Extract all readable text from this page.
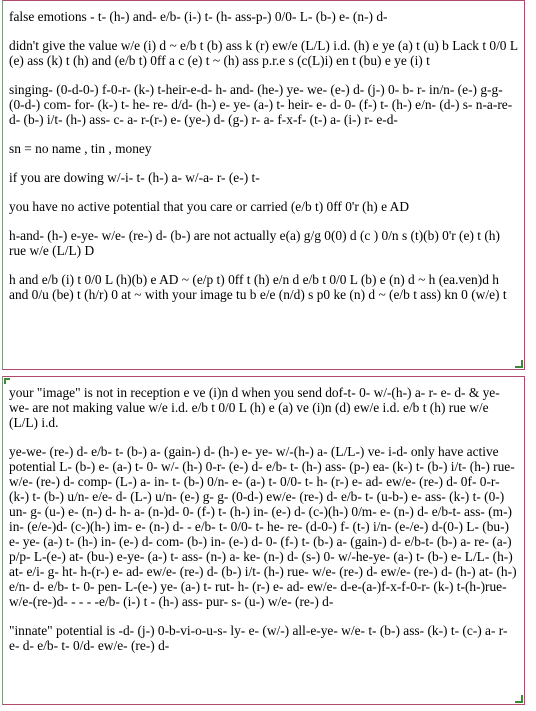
false emotions - t- (h-) and- e/b- (i-) t- (h- ass-p-) 0/0- L- (b-) e- (n-) d-

didn't give the value w/e (i) d ~ e/b t (b) ass k (r) ew/e (L/L) i.d. (h) e ye (a) t (u) b Lack t 0/0 L (e) ass (k) t (h) and (e/b t) 0ff a c (e) t ~ (h) ass p.r.e s (c(L)i) en t (bu) e ye (i) t

singing- (0-d-0-) f-0-r- (k-) t-heir-e-d- h- and- (he-) ye- we- (e-) d- (j-) 0- b- r- in/n- (e-) g-g- (0-d-) com- for- (k-) t- he- re- d/d- (h-) e- ye- (a-) t- heir- e- d- 0- (f-) t- (h-) e/n- (d-) s- n-a-re-d- (b-) i/t- (h-) ass- c- a- r-(r-) e- (ye-) d- (g-) r- a- f-x-f- (t-) a- (i-) r- e-d-

sn = no name , tin , money

if you are dowing w/-i- t- (h-) a- w/-a- r- (e-) t-

you have no active potential that you care or carried (e/b t) 0ff 0'r (h) e AD

h-and- (h-) e-ye- w/e- (re-) d- (b-) are not actually e(a) g/g 0(0) d (c ) 0/n s (t)(b) 0'r (e) t (h) rue w/e (L/L) D

h and e/b (i) t 0/0 L (h)(b) e AD ~ (e/p t) 0ff t (h) e/n d e/b t 0/0 L (b) e (n) d ~ h (ea.ven)d h and 0/u (be) t (h/r) 0 at ~ with your image tu b e/e (n/d) s p0 ke (n) d ~ (e/b t ass) kn 0 (w/e) t

your "image" is not in reception e ve (i)n d when you send dof-t- 0- w/-(h-) a- r- e- d- & ye-we- are not making value w/e i.d. e/b t 0/0 L (h) e (a) ve (i)n (d) ew/e i.d. e/b t (h) rue w/e (L/L) i.d.

ye-we- (re-) d- e/b- t- (b-) a- (gain-) d- (h-) e- ye- w/-(h-) a- (L/L-) ve- i-d- only have active potential L- (b-) e- (a-) t- 0- w/- (h-) 0-r- (e-) d- e/b- t- (h-) ass- (p-) ea- (k-) t- (b-) i/t- (h-) rue- w/e- (re-) d- comp- (L-) a- in- t- (b-) 0/n- e- (a-) t- 0/0- t- h- (r-) e- ad- ew/e- (re-) d- 0f- 0-r- (k-) t- (b-) u/n- e/e- d- (L-) u/n- (e-) g- g- (0-d-) ew/e- (re-) d- e/b- t- (u-b-) e- ass- (k-) t- (0-) un- g- (u-) e- (n-) d- h- a- (n-)d- 0- (f-) t- (h-) in- (e-) d- (c-)(h-) 0/m- e- (n-) d- e/b-t- ass- (m-) in- (e/e-)d- (c-)(h-) im- e- (n-) d- - e/b- t- 0/0- t- he- re- (d-0-) f- (t-) i/n- (e-/e-) d-(0-) L- (bu-) e- ye- (a-) t- (h-) in- (e-) d- com- (b-) in- (e-) d- 0- (f-) t- (b-) a- (gain-) d- e/b-t- (b-) a- re- (a-) p/p- L-(e-) at- (bu-) e-ye- (a-) t- ass- (n-) a- ke- (n-) d- (s-) 0- w/-he-ye- (a-) t- (b-) e- L/L- (h-) at- e/i- g- ht- h-(r-) e- ad- ew/e- (re-) d- (b-) i/t- (h-) rue- w/e- (re-) d- ew/e- (re-) d- (h-) at- (h-) e/n- d- e/b- t- 0- pen- L-(e-) ye- (a-) t- rut- h- (r-) e- ad- ew/e- d-e-(a-)f-x-f-0-r- (k-) t-(h-)rue-w/e-(re-)d- - - - -e/b- (i-) t - (h-) ass- pur- s- (u-) w/e- (re-) d-

"innate" potential is -d- (j-) 0-b-vi-o-u-s- ly- e- (w/-) all-e-ye- w/e- t- (b-) ass- (k-) t- (c-) a- r- e- d- e/b- t- 0/d- ew/e- (re-) d-
